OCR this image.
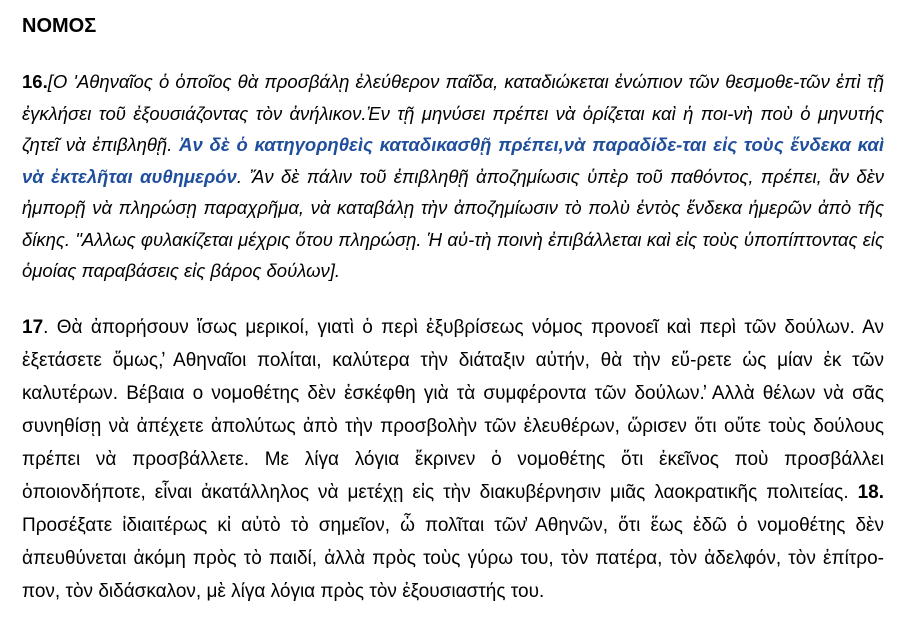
ΝΟΜΟΣ

16.[Ο 'Αθηναῖος ὁ ὁποῖος θὰ προσβάλῃ ἐλεύθερον παῖδα, καταδιώκεται ἐνώπιον τῶν θεσμοθε-τῶν ἐπὶ τῇ ἐγκλήσει τοῦ ἐξουσιάζοντας τὸν ἀνήλικον.Ἐν τῇ μηνύσει πρέπει νὰ ὁρίζεται καὶ ἡ ποι-νὴ ποὺ ὁ μηνυτής ζητεῖ νὰ ἐπιβληθῇ. Ἀν δὲ ὁ κατηγορηθεὶς καταδικασθῇ πρέπει,νὰ παραδίδε-ται εἰς τοὺς ἕνδεκα καὶ νὰ ἐκτελῆται αυθημερόν. Ἄν δὲ πάλιν τοῦ ἐπιβληθῇ ἀποζημίωσις ὑπὲρ τοῦ παθόντος, πρέπει, ἂν δὲν ἠμπορῇ νὰ πληρώσῃ παραχρῆμα, νὰ καταβάλῃ τὴν ἀποζημίωσιν τὸ πολὺ ἐντὸς ἕνδεκα ἡμερῶν ἀπὸ τῆς δίκης. "Αλλως φυλακίζεται μέχρις ὅτου πληρώσῃ. Ἡ αὐ-τὴ ποινὴ ἐπιβάλλεται καὶ εἰς τοὺς ὑποπίπτοντας εἰς ὁμοίας παραβάσεις εἰς βάρος δούλων].

17. Θὰ ἀπορήσουν ἴσως μερικοί, γιατὶ ὁ περὶ ἐξυβρίσεως νόμος προνοεῖ καὶ περὶ τῶν δούλων. Αν ἐξετάσετε ὅμως,̓ Αθηναῖοι πολίται, καλύτερα τὴν διάταξιν αὐτήν, θὰ τὴν εὕ-ρετε ὡς μίαν ἐκ τῶν καλυτέρων. Βέβαια ο νομοθέτης δὲν ἐσκέφθη γιὰ τὰ συμφέροντα τῶν δούλων.̓ Αλλὰ θέλων νὰ σᾶς συνηθίσῃ νὰ ἀπέχετε ἀπολύτως ἀπὸ τὴν προσβολὴν τῶν ἐλευθέρων, ὥρισεν ὅτι οὔτε τοὺς δούλους πρέπει νὰ προσβάλλετε. Με λίγα λόγια ἔκρινεν ὁ νομοθέτης ὅτι ἐκεῖνος ποὺ προσβάλλει ὁποιονδήποτε, εἶναι ἀκατάλληλος νὰ μετέχῃ εἰς τὴν διακυβέρνησιν μιᾶς λαοκρατικῆς πολιτείας. 18. Προσέξατε ἰδιαιτέρως κἰ αὐτὸ τὸ σημεῖον, ὦ πολῖται τῶν̓ Αθηνῶν, ὅτι ἕως ἐδῶ ὁ νομοθέτης δὲν ἀπευθύνεται ἀκόμη πρὸς τὸ παιδί, ἀλλὰ πρὸς τοὺς γύρω του, τὸν πατέρα, τὸν ἀδελφόν, τὸν ἐπίτρο-πον, τὸν διδάσκαλον, μὲ λίγα λόγια πρὸς τὸν ἐξουσιαστής του.
